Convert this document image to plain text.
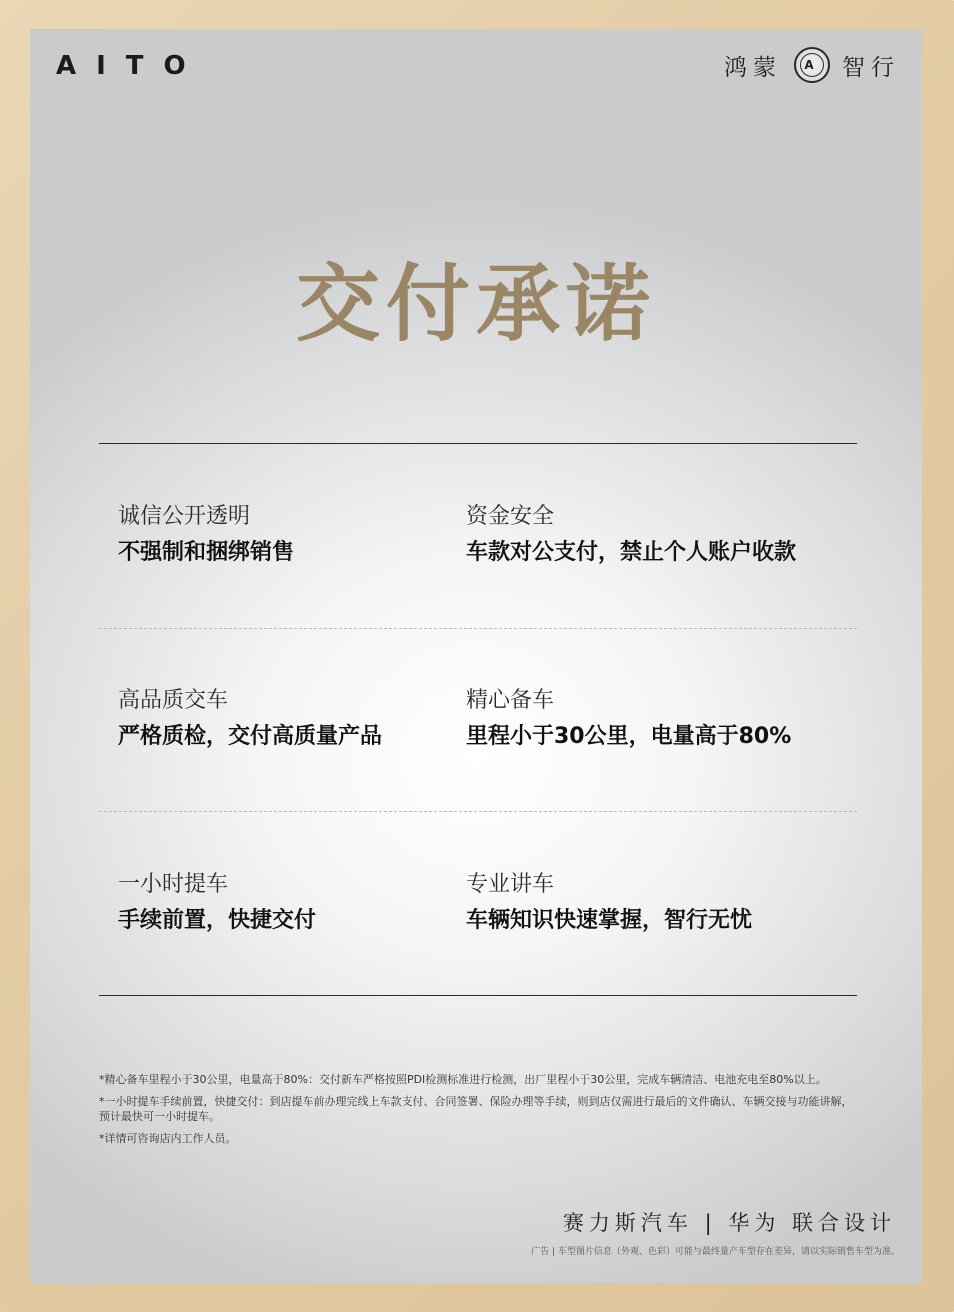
AITO	鸿蒙	A 智行
交付承诺
诚信公开透明
不强制和捆绑销售
资金安全
车款对公支付，禁止个人账户收款
高品质交车
严格质检，交付高质量产品
精心备车
里程小于30公里，电量高于80%
一小时提车
手续前置，快捷交付
专业讲车
车辆知识快速掌握，智行无忧
*精心备车里程小于30公里，电量高于80%：交付新车严格按照PDI检测标准进行检测，出厂里程小于30公里，完成车辆清洁、电池充电至80%以上。
*一小时提车手续前置，快捷交付：到店提车前办理完线上车款支付、合同签署、保险办理等手续，则到店仅需进行最后的文件确认、车辆交接与功能讲解，预计最快可一小时提车。
*详情可咨询店内工作人员。
赛力斯汽车 | 华为 联合设计
广告 | 车型图片信息（外观、色彩）可能与最终量产车型存在差异，请以实际销售车型为准。
